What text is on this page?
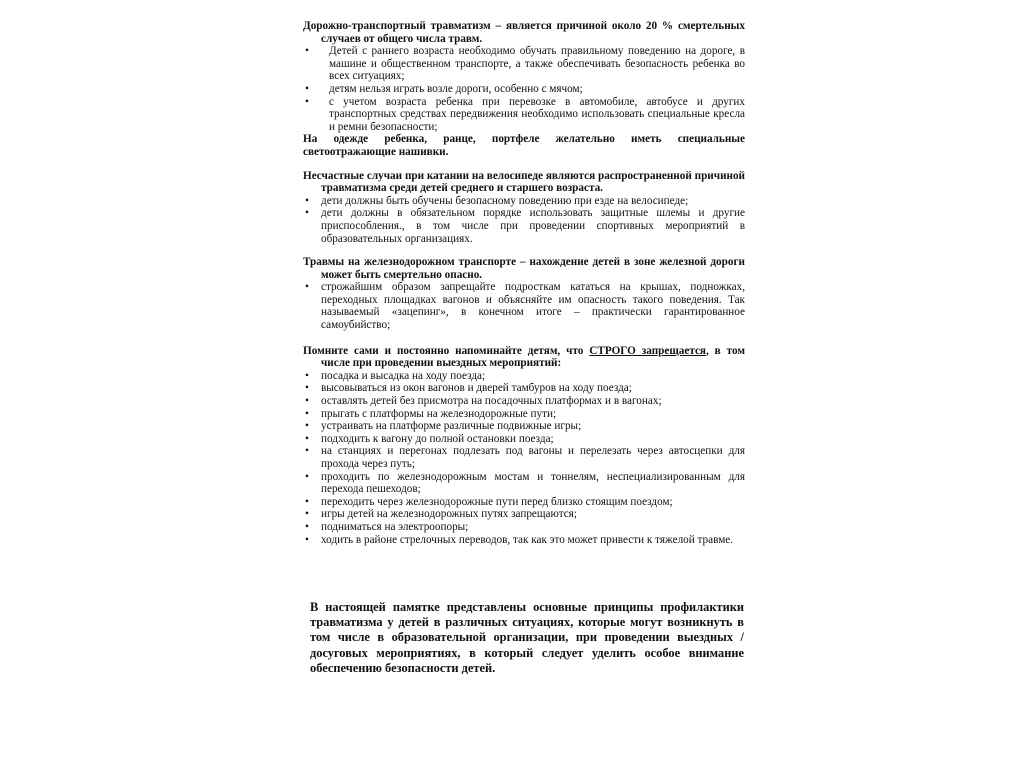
Дорожно-транспортный травматизм – является причиной около 20 % смертельных случаев от общего числа травм.

• Детей с раннего возраста необходимо обучать правильному поведению на дороге, в машине и общественном транспорте, а также обеспечивать безопасность ребенка во всех ситуациях;
• детям нельзя играть возле дороги, особенно с мячом;
• с учетом возраста ребенка при перевозке в автомобиле, автобусе и других транспортных средствах передвижения необходимо использовать специальные кресла и ремни безопасности;

На одежде ребенка, ранце, портфеле желательно иметь специальные светоотражающие нашивки.

Несчастные случаи при катании на велосипеде являются распространенной причиной травматизма среди детей среднего и старшего возраста.

• дети должны быть обучены безопасному поведению при езде на велосипеде;
• дети должны в обязательном порядке использовать защитные шлемы и другие приспособления., в том числе при проведении спортивных мероприятий в образовательных организациях.

Травмы на железнодорожном транспорте – нахождение детей в зоне железной дороги может быть смертельно опасно.

• строжайшим образом запрещайте подросткам кататься на крышах, подножках, переходных площадках вагонов и объясняйте им опасность такого поведения. Так называемый «зацепинг», в конечном итоге – практически гарантированное самоубийство;

Помните сами и постоянно напоминайте детям, что СТРОГО запрещается, в том числе при проведении выездных мероприятий:

• посадка и высадка на ходу поезда;
• высовываться из окон вагонов и дверей тамбуров на ходу поезда;
• оставлять детей без присмотра на посадочных платформах и в вагонах;
• прыгать с платформы на железнодорожные пути;
• устраивать на платформе различные подвижные игры;
• подходить к вагону до полной остановки поезда;
• на станциях и перегонах подлезать под вагоны и перелезать через автосцепки для прохода через путь;
• проходить по железнодорожным мостам и тоннелям, неспециализированным для перехода пешеходов;
• переходить через железнодорожные пути перед близко стоящим поездом;
• игры детей на железнодорожных путях запрещаются;
• подниматься на электроопоры;
• ходить в районе стрелочных переводов, так как это может привести к тяжелой травме.

В настоящей памятке представлены основные принципы профилактики травматизма у детей в различных ситуациях, которые могут возникнуть в том числе в образовательной организации, при проведении выездных /досуговых мероприятиях, в который следует уделить особое внимание обеспечению безопасности детей.
